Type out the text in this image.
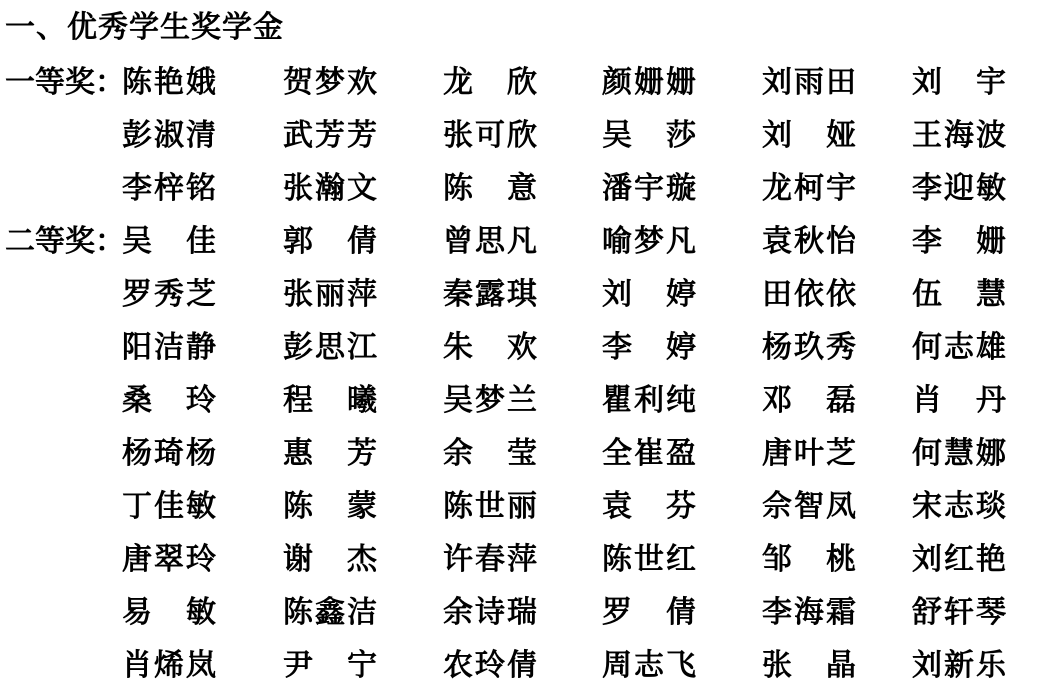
一、优秀学生奖学金
一等奖：
陈艳娥	贺梦欢	龙　欣	颜姗姗	刘雨田	刘　宇
彭淑清	武芳芳	张可欣	吴　莎	刘　娅	王海波
李梓铭	张瀚文	陈　意	潘宇璇	龙柯宇	李迎敏
二等奖：
吴　佳	郭　倩	曾思凡	喻梦凡	袁秋怡	李　姗
罗秀芝	张丽萍	秦露琪	刘　婷	田依依	伍　慧
阳洁静	彭思江	朱　欢	李　婷	杨玖秀	何志雄
桑　玲	程　曦	吴梦兰	瞿利纯	邓　磊	肖　丹
杨琦杨	惠　芳	余　莹	全崔盈	唐叶芝	何慧娜
丁佳敏	陈　蒙	陈世丽	袁　芬	佘智凤	宋志琰
唐翠玲	谢　杰	许春萍	陈世红	邹　桃	刘红艳
易　敏	陈鑫洁	余诗瑞	罗　倩	李海霜	舒轩琴
肖烯岚	尹　宁	农玲倩	周志飞	张　晶	刘新乐
